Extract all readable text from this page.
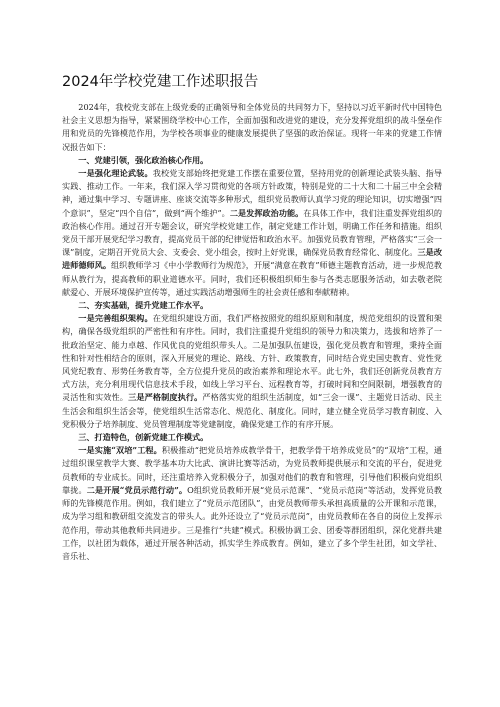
2024年学校党建工作述职报告

2024年，我校党支部在上级党委的正确领导和全体党员的共同努力下，坚持以习近平新时代中国特色社会主义思想为指导，紧紧围绕学校中心工作，全面加强和改进党的建设，充分发挥党组织的战斗堡垒作用和党员的先锋模范作用，为学校各项事业的健康发展提供了坚强的政治保证。现将一年来的党建工作情况报告如下：

一、党建引领，强化政治核心作用。

一是强化理论武装。我校党支部始终把党建工作摆在重要位置，坚持用党的创新理论武装头脑、指导实践、推动工作。一年来，我们深入学习贯彻党的各项方针政策，特别是党的二十大和二十届三中全会精神，通过集中学习、专题讲座、座谈交流等多种形式，组织党员教师认真学习党的理论知识，切实增强“四个意识”，坚定“四个自信”，做到“两个维护”。二是发挥政治功能。在具体工作中，我们注重发挥党组织的政治核心作用。通过召开专题会议，研究学校党建工作，制定党建工作计划，明确工作任务和措施。组织党员干部开展党纪学习教育，提高党员干部的纪律觉悟和政治水平。加强党员教育管理，严格落实“三会一课”制度，定期召开党员大会、支委会、党小组会，按时上好党课，确保党员教育经常化、制度化。三是改进师德师风。组织教师学习《中小学教师行为规范》，开展“满意在教育”师德主题教育活动，进一步规范教师从教行为，提高教师的职业道德水平。同时，我们还积极组织师生参与各类志愿服务活动，如去敬老院献爱心、开展环境保护宣传等，通过实践活动增强师生的社会责任感和奉献精神。

二、夯实基础，提升党建工作水平。

一是完善组织架构。在党组织建设方面，我们严格按照党的组织原则和制度，规范党组织的设置和架构，确保各级党组织的严密性和有序性。同时，我们注重提升党组织的领导力和决策力，选拔和培养了一批政治坚定、能力卓越、作风优良的党组织带头人。二是加强队伍建设，强化党员教育和管理，秉持全面性和针对性相结合的原则，深入开展党的理论、路线、方针、政策教育，同时结合党史国史教育、党性党风党纪教育、形势任务教育等，全方位提升党员的政治素养和理论水平。此七外，我们还创新党员教育方式方法，充分利用现代信息技术手段，如线上学习平台、远程教育等，打破时间和空间限制，增强教育的灵活性和实效性。三是严格制度执行。严格落实党的组织生活制度，如“三会一课”、主题党日活动、民主生活会和组织生活会等，使党组织生活常态化、规范化、制度化。同时，建立健全党员学习教育制度、入党积极分子培养制度、党员管理制度等党建制度，确保党建工作的有序开展。

三、打造特色，创新党建工作模式。

一是实施“双培”工程。积极推动“把党员培养成教学骨干，把教学骨干培养成党员”的“双培”工程，通过组织课堂教学大赛、教学基本功大比武、演讲比赛等活动，为党员教师提供展示和交流的平台，促进党员教师的专业成长。同时，还注重培养入党积极分子，加强对他们的教育和管理，引导他们积极向党组织靠拢。二是开展“党员示范行动”。O组织党员教师开展“党员示范课”、“党员示范岗”等活动，发挥党员教师的先锋模范作用。例如，我们建立了“党员示范团队”，由党员教师带头承担高质量的公开课和示范课，成为学习组和教研组交流发言的带头人。此外还设立了“党员示范岗”，由党员教师在各自的岗位上发挥示范作用，带动其他教师共同进步。三是推行“共建”模式。积极协调工会、团委等群团组织，深化党群共建工作，以社团为载体，通过开展各种活动，抓实学生养成教育。例如，建立了多个学生社团，如文学社、音乐社、
